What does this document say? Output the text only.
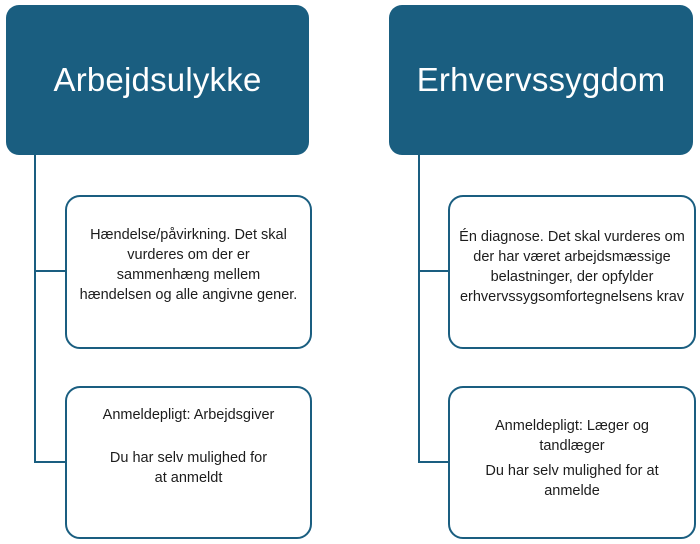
Arbejdsulykke

Hændelse/påvirkning. Det skal vurderes om der er sammenhæng mellem hændelsen og alle angivne gener.

Anmeldepligt: Arbejdsgiver

Du har selv mulighed for at anmeldt

Erhvervssygdom

Én diagnose. Det skal vurderes om der har været arbejdsmæssige belastninger, der opfylder erhvervssygsomfortegnelsens krav

Anmeldepligt: Læger og tandlæger

Du har selv mulighed for at anmelde
